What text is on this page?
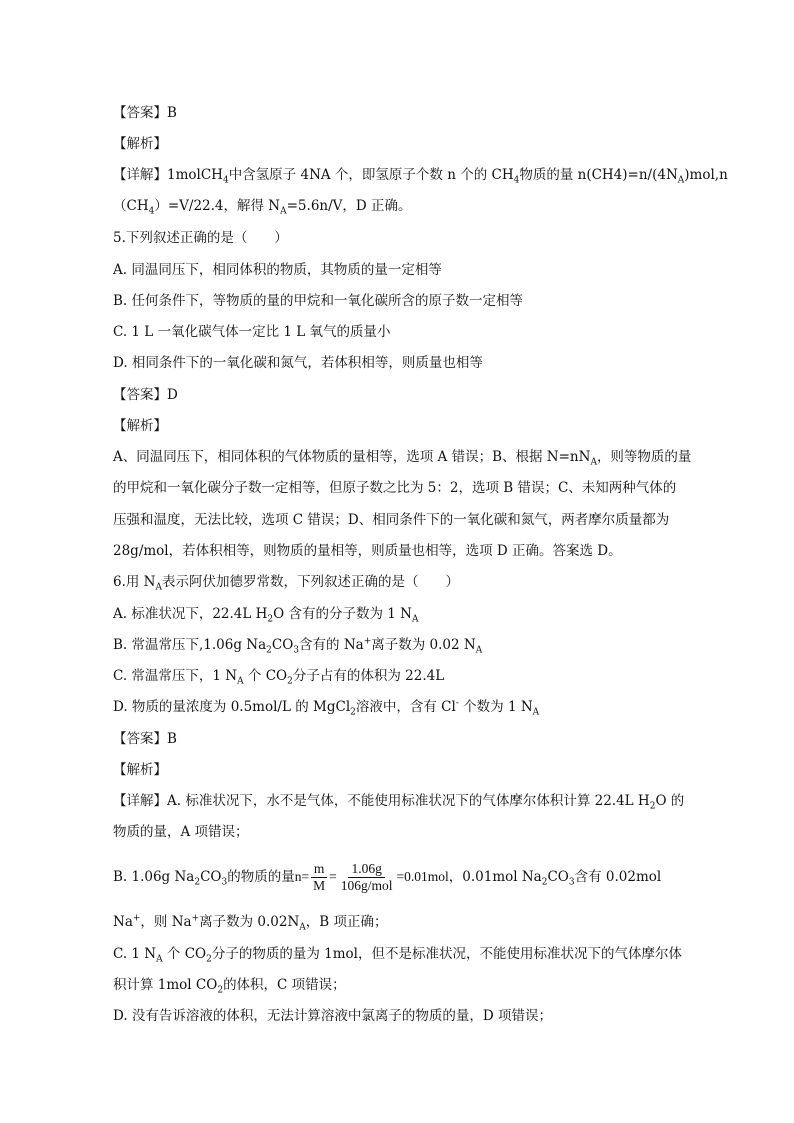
【答案】B
【解析】
【详解】1molCH$_4$中含氢原子 4NA 个，即氢原子个数 n 个的 $CH_4$物质的量 $n(CH4)=n/(4N_A)mol,n$
$(CH_4)=V/22.4$，解得 $N_A=5.6n/V$，D 正确。
5.下列叙述正确的是（　　）
A. 同温同压下，相同体积的物质，其物质的量一定相等
B. 任何条件下，等物质的量的甲烷和一氧化碳所含的原子数一定相等
C. 1 L 一氧化碳气体一定比 1 L 氧气的质量小
D. 相同条件下的一氧化碳和氮气，若体积相等，则质量也相等
【答案】D
【解析】
A、同温同压下，相同体积的气体物质的量相等，选项 A 错误；B、根据 $N=nN_A$，则等物质的量
的甲烷和一氧化碳分子数一定相等，但原子数之比为 5：2，选项 B 错误；C、未知两种气体的
压强和温度，无法比较，选项 C 错误；D、相同条件下的一氧化碳和氮气，两者摩尔质量都为
28g/mol，若体积相等，则物质的量相等，则质量也相等，选项 D 正确。答案选 D。
6.用 $N_A$表示阿伏加德罗常数，下列叙述正确的是（　　）
A. 标准状况下，22.4L $H_2O$ 含有的分子数为 1 $N_A$
B. 常温常压下,1.06g $Na_2CO_3$含有的 Na+离子数为 0.02 $N_A$
C. 常温常压下，1 $N_A$ 个 $CO_2$分子占有的体积为 22.4L
D. 物质的量浓度为 0.5mol/L 的 MgCl$_2$溶液中，含有 Cl- 个数为 1 $N_A$
【答案】B
【解析】
【详解】A. 标准状况下，水不是气体，不能使用标准状况下的气体摩尔体积计算 22.4L $H_2O$ 的
物质的量，A 项错误；
B. 1.06g $Na_2CO_3$的物质的量$n= \frac{m}{M} = \frac{1.06g}{\text{106g/mol}} =0.01mol$，0.01mol $Na_2CO_3$含有 0.02mol
Na+，则 Na+离子数为 $0.02N_A$，B 项正确；
C. 1 $N_A$ 个 $CO_2$分子的物质的量为 1mol，但不是标准状况，不能使用标准状况下的气体摩尔体
积计算 1mol $CO_2$的体积，C 项错误；
D. 没有告诉溶液的体积，无法计算溶液中氯离子的物质的量，D 项错误；
